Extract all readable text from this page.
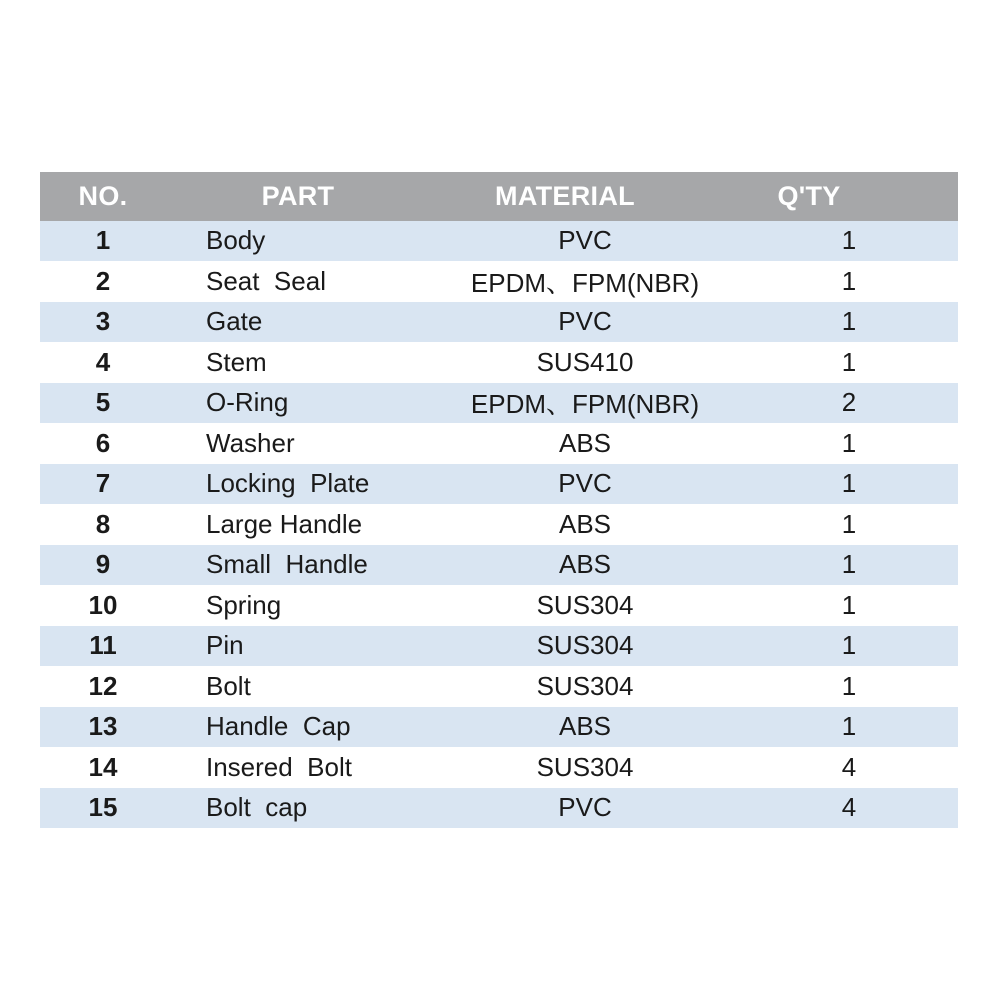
NO.	PART	MATERIAL	Q'TY
1	Body	PVC	1
2	Seat  Seal	EPDM、FPM(NBR)	1
3	Gate	PVC	1
4	Stem	SUS410	1
5	O-Ring	EPDM、FPM(NBR)	2
6	Washer	ABS	1
7	Locking  Plate	PVC	1
8	Large Handle	ABS	1
9	Small  Handle	ABS	1
10	Spring	SUS304	1
11	Pin	SUS304	1
12	Bolt	SUS304	1
13	Handle  Cap	ABS	1
14	Insered  Bolt	SUS304	4
15	Bolt  cap	PVC	4
